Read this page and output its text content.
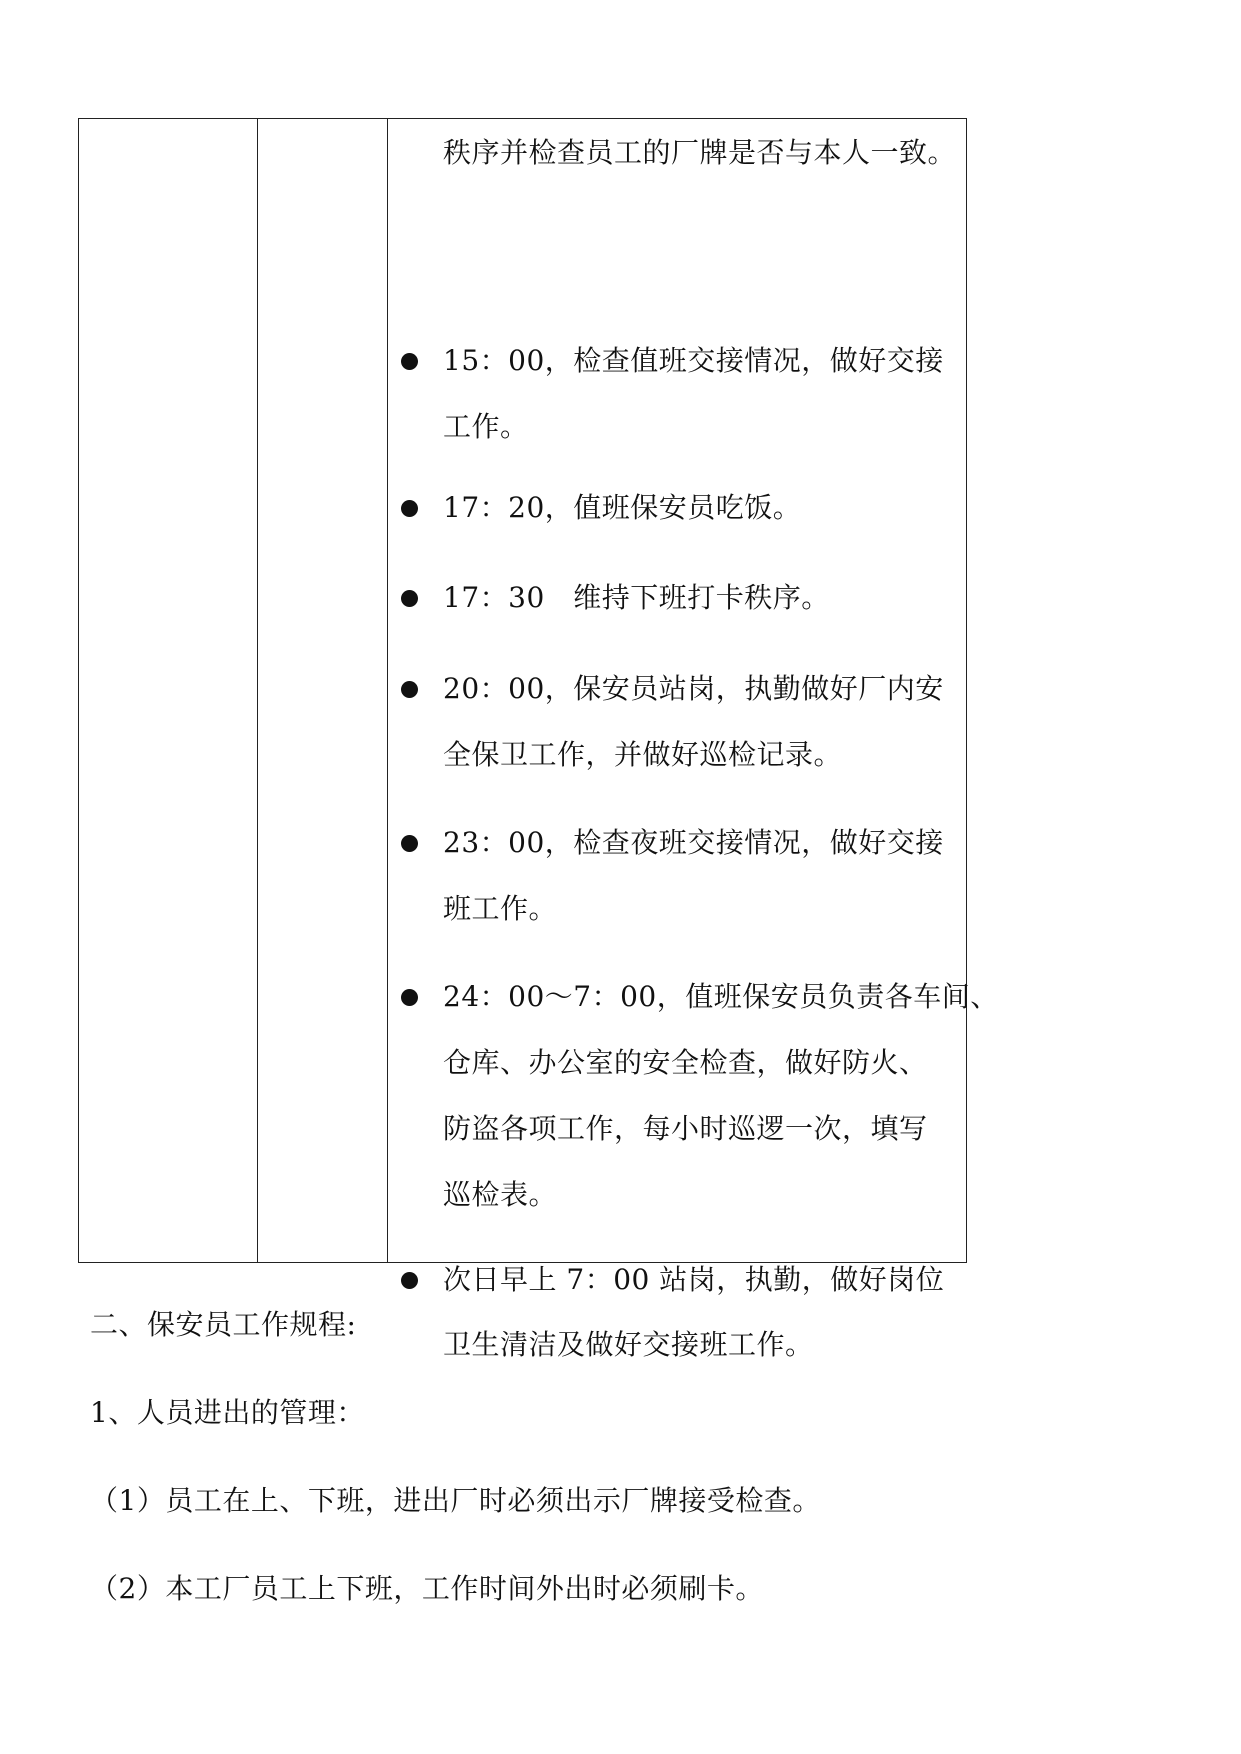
秩序并检查员工的厂牌是否与本人一致。
15：00，检查值班交接情况，做好交接
工作。
17：20，值班保安员吃饭。
17：30　维持下班打卡秩序。
20：00，保安员站岗，执勤做好厂内安
全保卫工作，并做好巡检记录。
23：00，检查夜班交接情况，做好交接
班工作。
24：00～7：00，值班保安员负责各车间、
仓库、办公室的安全检查，做好防火、
防盗各项工作，每小时巡逻一次，填写
巡检表。
次日早上 7：00 站岗，执勤，做好岗位
卫生清洁及做好交接班工作。
二、保安员工作规程:
1、人员进出的管理：
（1）员工在上、下班，进出厂时必须出示厂牌接受检查。
（2）本工厂员工上下班，工作时间外出时必须刷卡。
